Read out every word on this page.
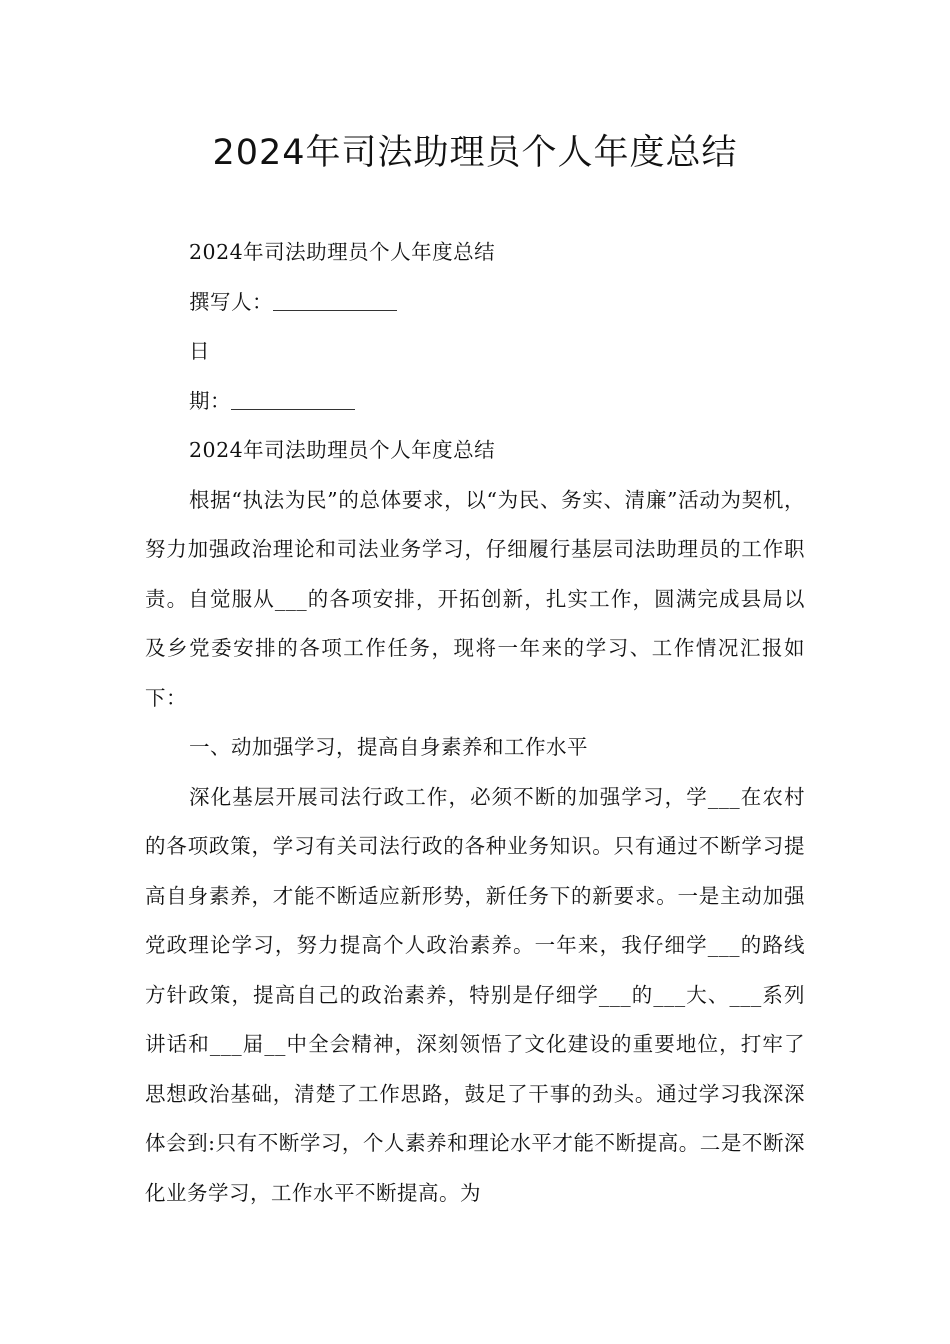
2024年司法助理员个人年度总结

2024年司法助理员个人年度总结

撰写人：

日

期：

2024年司法助理员个人年度总结

根据“执法为民”的总体要求，以“为民、务实、清廉”活动为契机，努力加强政治理论和司法业务学习，仔细履行基层司法助理员的工作职责。自觉服从___的各项安排，开拓创新，扎实工作，圆满完成县局以及乡党委安排的各项工作任务，现将一年来的学习、工作情况汇报如下：

一、动加强学习，提高自身素养和工作水平

深化基层开展司法行政工作，必须不断的加强学习，学___在农村的各项政策，学习有关司法行政的各种业务知识。只有通过不断学习提高自身素养，才能不断适应新形势，新任务下的新要求。一是主动加强党政理论学习，努力提高个人政治素养。一年来，我仔细学___的路线方针政策，提高自己的政治素养，特别是仔细学___的___大、___系列讲话和___届__中全会精神，深刻领悟了文化建设的重要地位，打牢了思想政治基础，清楚了工作思路，鼓足了干事的劲头。通过学习我深深体会到:只有不断学习，个人素养和理论水平才能不断提高。二是不断深化业务学习，工作水平不断提高。为
